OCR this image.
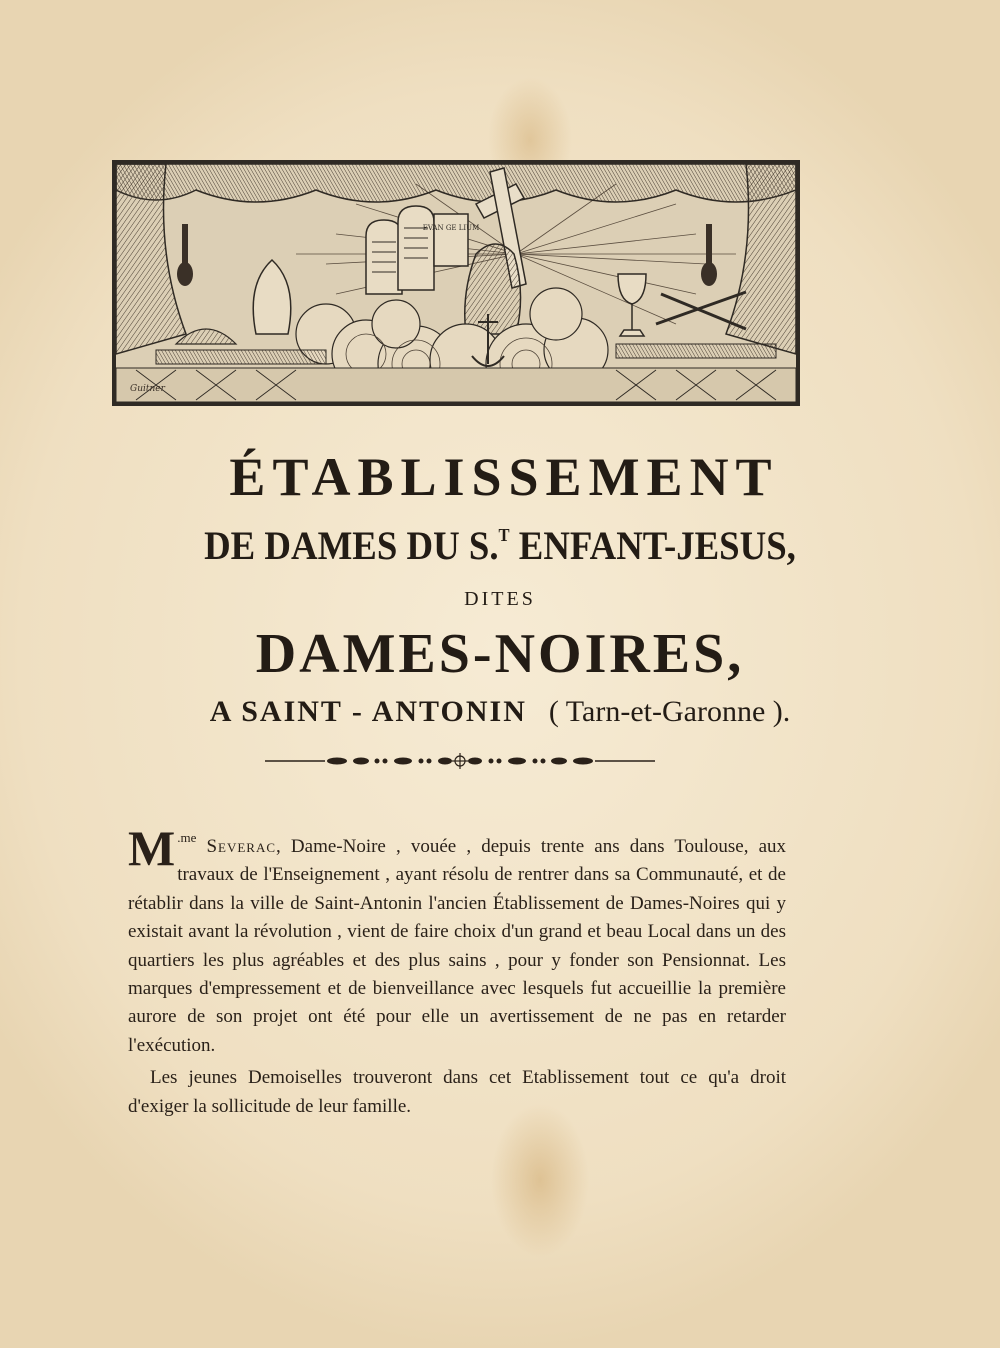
EVAN GE LIUM
Guitner
ÉTABLISSEMENT
DE DAMES DU S.$^T$ ENFANT-JESUS,
DITES
DAMES-NOIRES,
A SAINT - ANTONIN ( Tarn-et-Garonne ).

M $^{.me}$ Severac, Dame-Noire , vouée , depuis trente ans dans Toulouse, aux travaux de l'Enseignement , ayant résolu de rentrer dans sa Communauté, et de rétablir dans la ville de Saint-Antonin l'ancien Établissement de Dames-Noires qui y existait avant la révolution , vient de faire choix d'un grand et beau Local dans un des quartiers les plus agréables et des plus sains , pour y fonder son Pensionnat. Les marques d'empressement et de bienveillance avec lesquels fut accueillie la première aurore de son projet ont été pour elle un avertissement de ne pas en retarder l'exécution.

Les jeunes Demoiselles trouveront dans cet Etablissement tout ce qu'a droit d'exiger la sollicitude de leur famille.
